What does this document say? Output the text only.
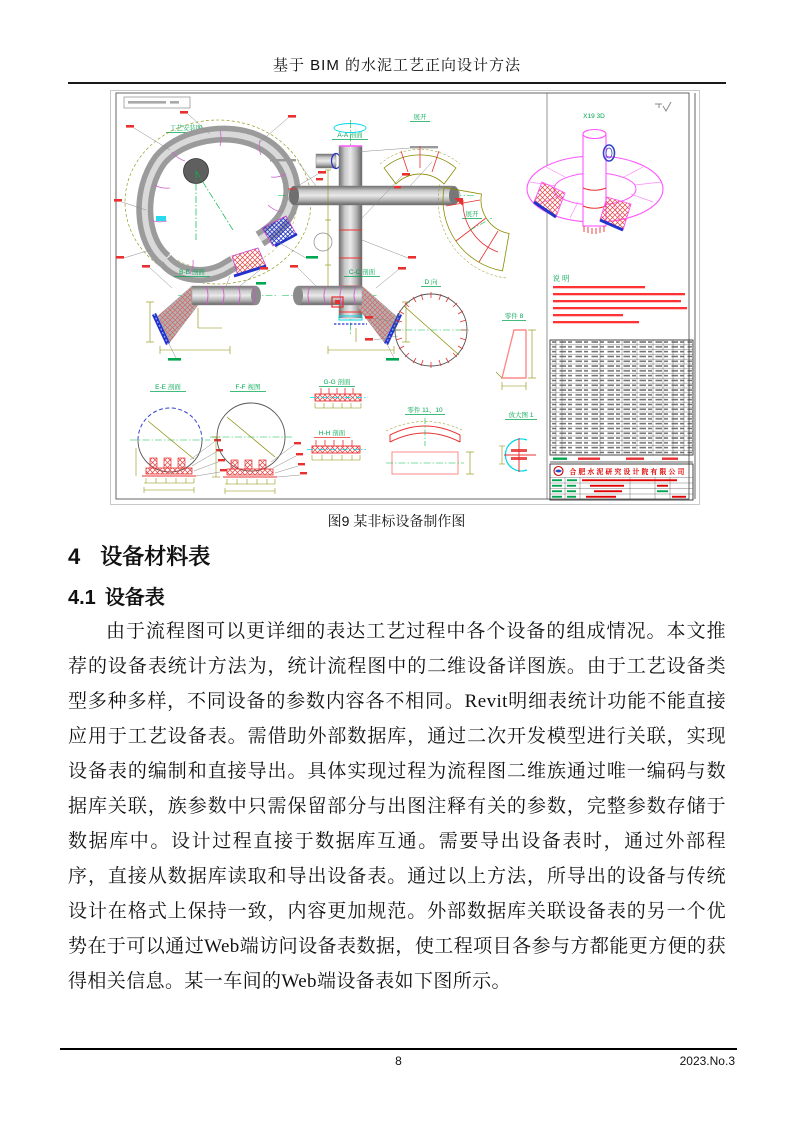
基于 BIM 的水泥工艺正向设计方法
工艺安装图
A-A 剖面
展开
展开
X19 3D
B-B 剖面	C-C 剖面
D 向
零件 8
E-E 剖面	F-F 视图
G-G 剖面
H-H 剖面
零件 11、10
放大图 1
说明
合肥水泥研究设计院有限公司
图9 某非标设备制作图
4 设备材料表
4.1 设备表
由于流程图可以更详细的表达工艺过程中各个设备的组成情况。本文推荐的设备表统计方法为，统计流程图中的二维设备详图族。由于工艺设备类型多种多样，不同设备的参数内容各不相同。Revit明细表统计功能不能直接应用于工艺设备表。需借助外部数据库，通过二次开发模型进行关联，实现设备表的编制和直接导出。具体实现过程为流程图二维族通过唯一编码与数据库关联，族参数中只需保留部分与出图注释有关的参数，完整参数存储于数据库中。设计过程直接于数据库互通。需要导出设备表时，通过外部程序，直接从数据库读取和导出设备表。通过以上方法，所导出的设备与传统设计在格式上保持一致，内容更加规范。外部数据库关联设备表的另一个优势在于可以通过Web端访问设备表数据，使工程项目各参与方都能更方便的获得相关信息。某一车间的Web端设备表如下图所示。
8	2023.No.3
